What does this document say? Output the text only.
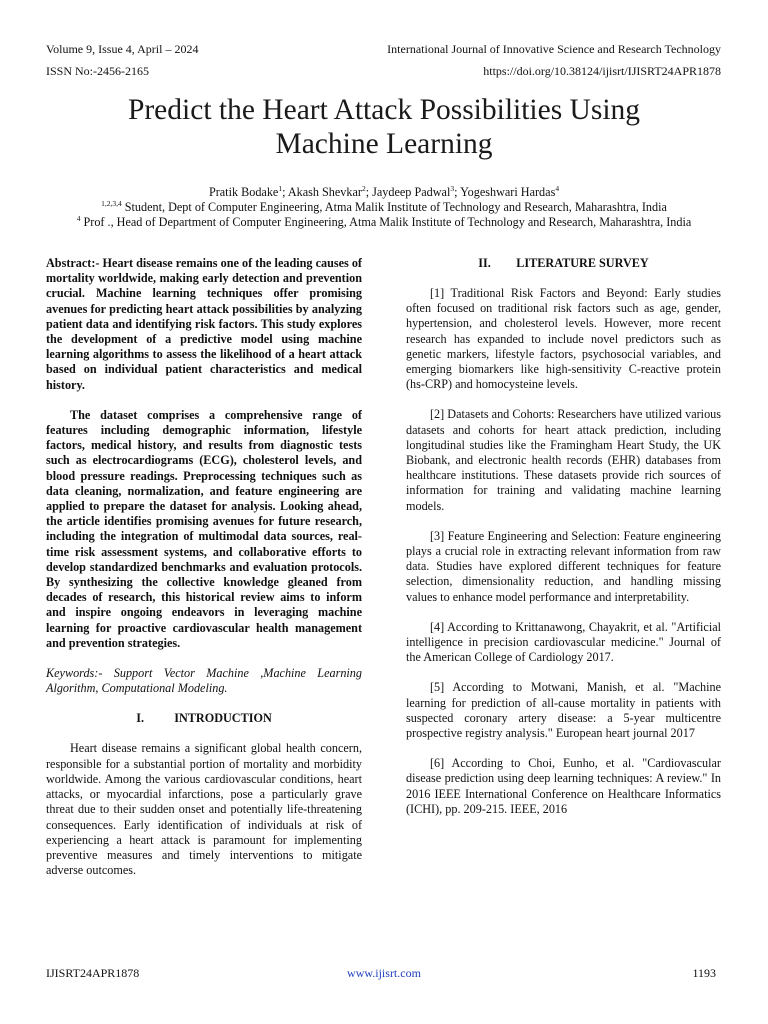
Volume 9, Issue 4, April – 2024	International Journal of Innovative Science and Research Technology
ISSN No:-2456-2165	https://doi.org/10.38124/ijisrt/IJISRT24APR1878
Predict the Heart Attack Possibilities Using
Machine Learning
Pratik Bodake$^1$; Akash Shevkar$^2$; Jaydeep Padwal$^3$; Yogeshwari Hardas$^4$
$^{1,2,3,4}$ Student, Dept of Computer Engineering, Atma Malik Institute of Technology and Research, Maharashtra, India
$^4$ Prof ., Head of Department of Computer Engineering, Atma Malik Institute of Technology and Research, Maharashtra, India

Abstract:- Heart disease remains one of the leading causes of mortality worldwide, making early detection and prevention crucial. Machine learning techniques offer promising avenues for predicting heart attack possibilities by analyzing patient data and identifying risk factors. This study explores the development of a predictive model using machine learning algorithms to assess the likelihood of a heart attack based on individual patient characteristics and medical history.

The dataset comprises a comprehensive range of features including demographic information, lifestyle factors, medical history, and results from diagnostic tests such as electrocardiograms (ECG), cholesterol levels, and blood pressure readings. Preprocessing techniques such as data cleaning, normalization, and feature engineering are applied to prepare the dataset for analysis. Looking ahead, the article identifies promising avenues for future research, including the integration of multimodal data sources, real-time risk assessment systems, and collaborative efforts to develop standardized benchmarks and evaluation protocols. By synthesizing the collective knowledge gleaned from decades of research, this historical review aims to inform and inspire ongoing endeavors in leveraging machine learning for proactive cardiovascular health management and prevention strategies.

Keywords:- Support Vector Machine ,Machine Learning Algorithm, Computational Modeling.

I. INTRODUCTION

Heart disease remains a significant global health concern, responsible for a substantial portion of mortality and morbidity worldwide. Among the various cardiovascular conditions, heart attacks, or myocardial infarctions, pose a particularly grave threat due to their sudden onset and potentially life-threatening consequences. Early identification of individuals at risk of experiencing a heart attack is paramount for implementing preventive measures and timely interventions to mitigate adverse outcomes.

II. LITERATURE SURVEY

[1] Traditional Risk Factors and Beyond: Early studies often focused on traditional risk factors such as age, gender, hypertension, and cholesterol levels. However, more recent research has expanded to include novel predictors such as genetic markers, lifestyle factors, psychosocial variables, and emerging biomarkers like high-sensitivity C-reactive protein (hs-CRP) and homocysteine levels.

[2] Datasets and Cohorts: Researchers have utilized various datasets and cohorts for heart attack prediction, including longitudinal studies like the Framingham Heart Study, the UK Biobank, and electronic health records (EHR) databases from healthcare institutions. These datasets provide rich sources of information for training and validating machine learning models.

[3] Feature Engineering and Selection: Feature engineering plays a crucial role in extracting relevant information from raw data. Studies have explored different techniques for feature selection, dimensionality reduction, and handling missing values to enhance model performance and interpretability.

[4] According to Krittanawong, Chayakrit, et al. "Artificial intelligence in precision cardiovascular medicine." Journal of the American College of Cardiology 2017.

[5] According to Motwani, Manish, et al. "Machine learning for prediction of all-cause mortality in patients with suspected coronary artery disease: a 5-year multicentre prospective registry analysis." European heart journal 2017

[6] According to Choi, Eunho, et al. "Cardiovascular disease prediction using deep learning techniques: A review." In 2016 IEEE International Conference on Healthcare Informatics (ICHI), pp. 209-215. IEEE, 2016

IJISRT24APR1878	www.ijisrt.com	1193
